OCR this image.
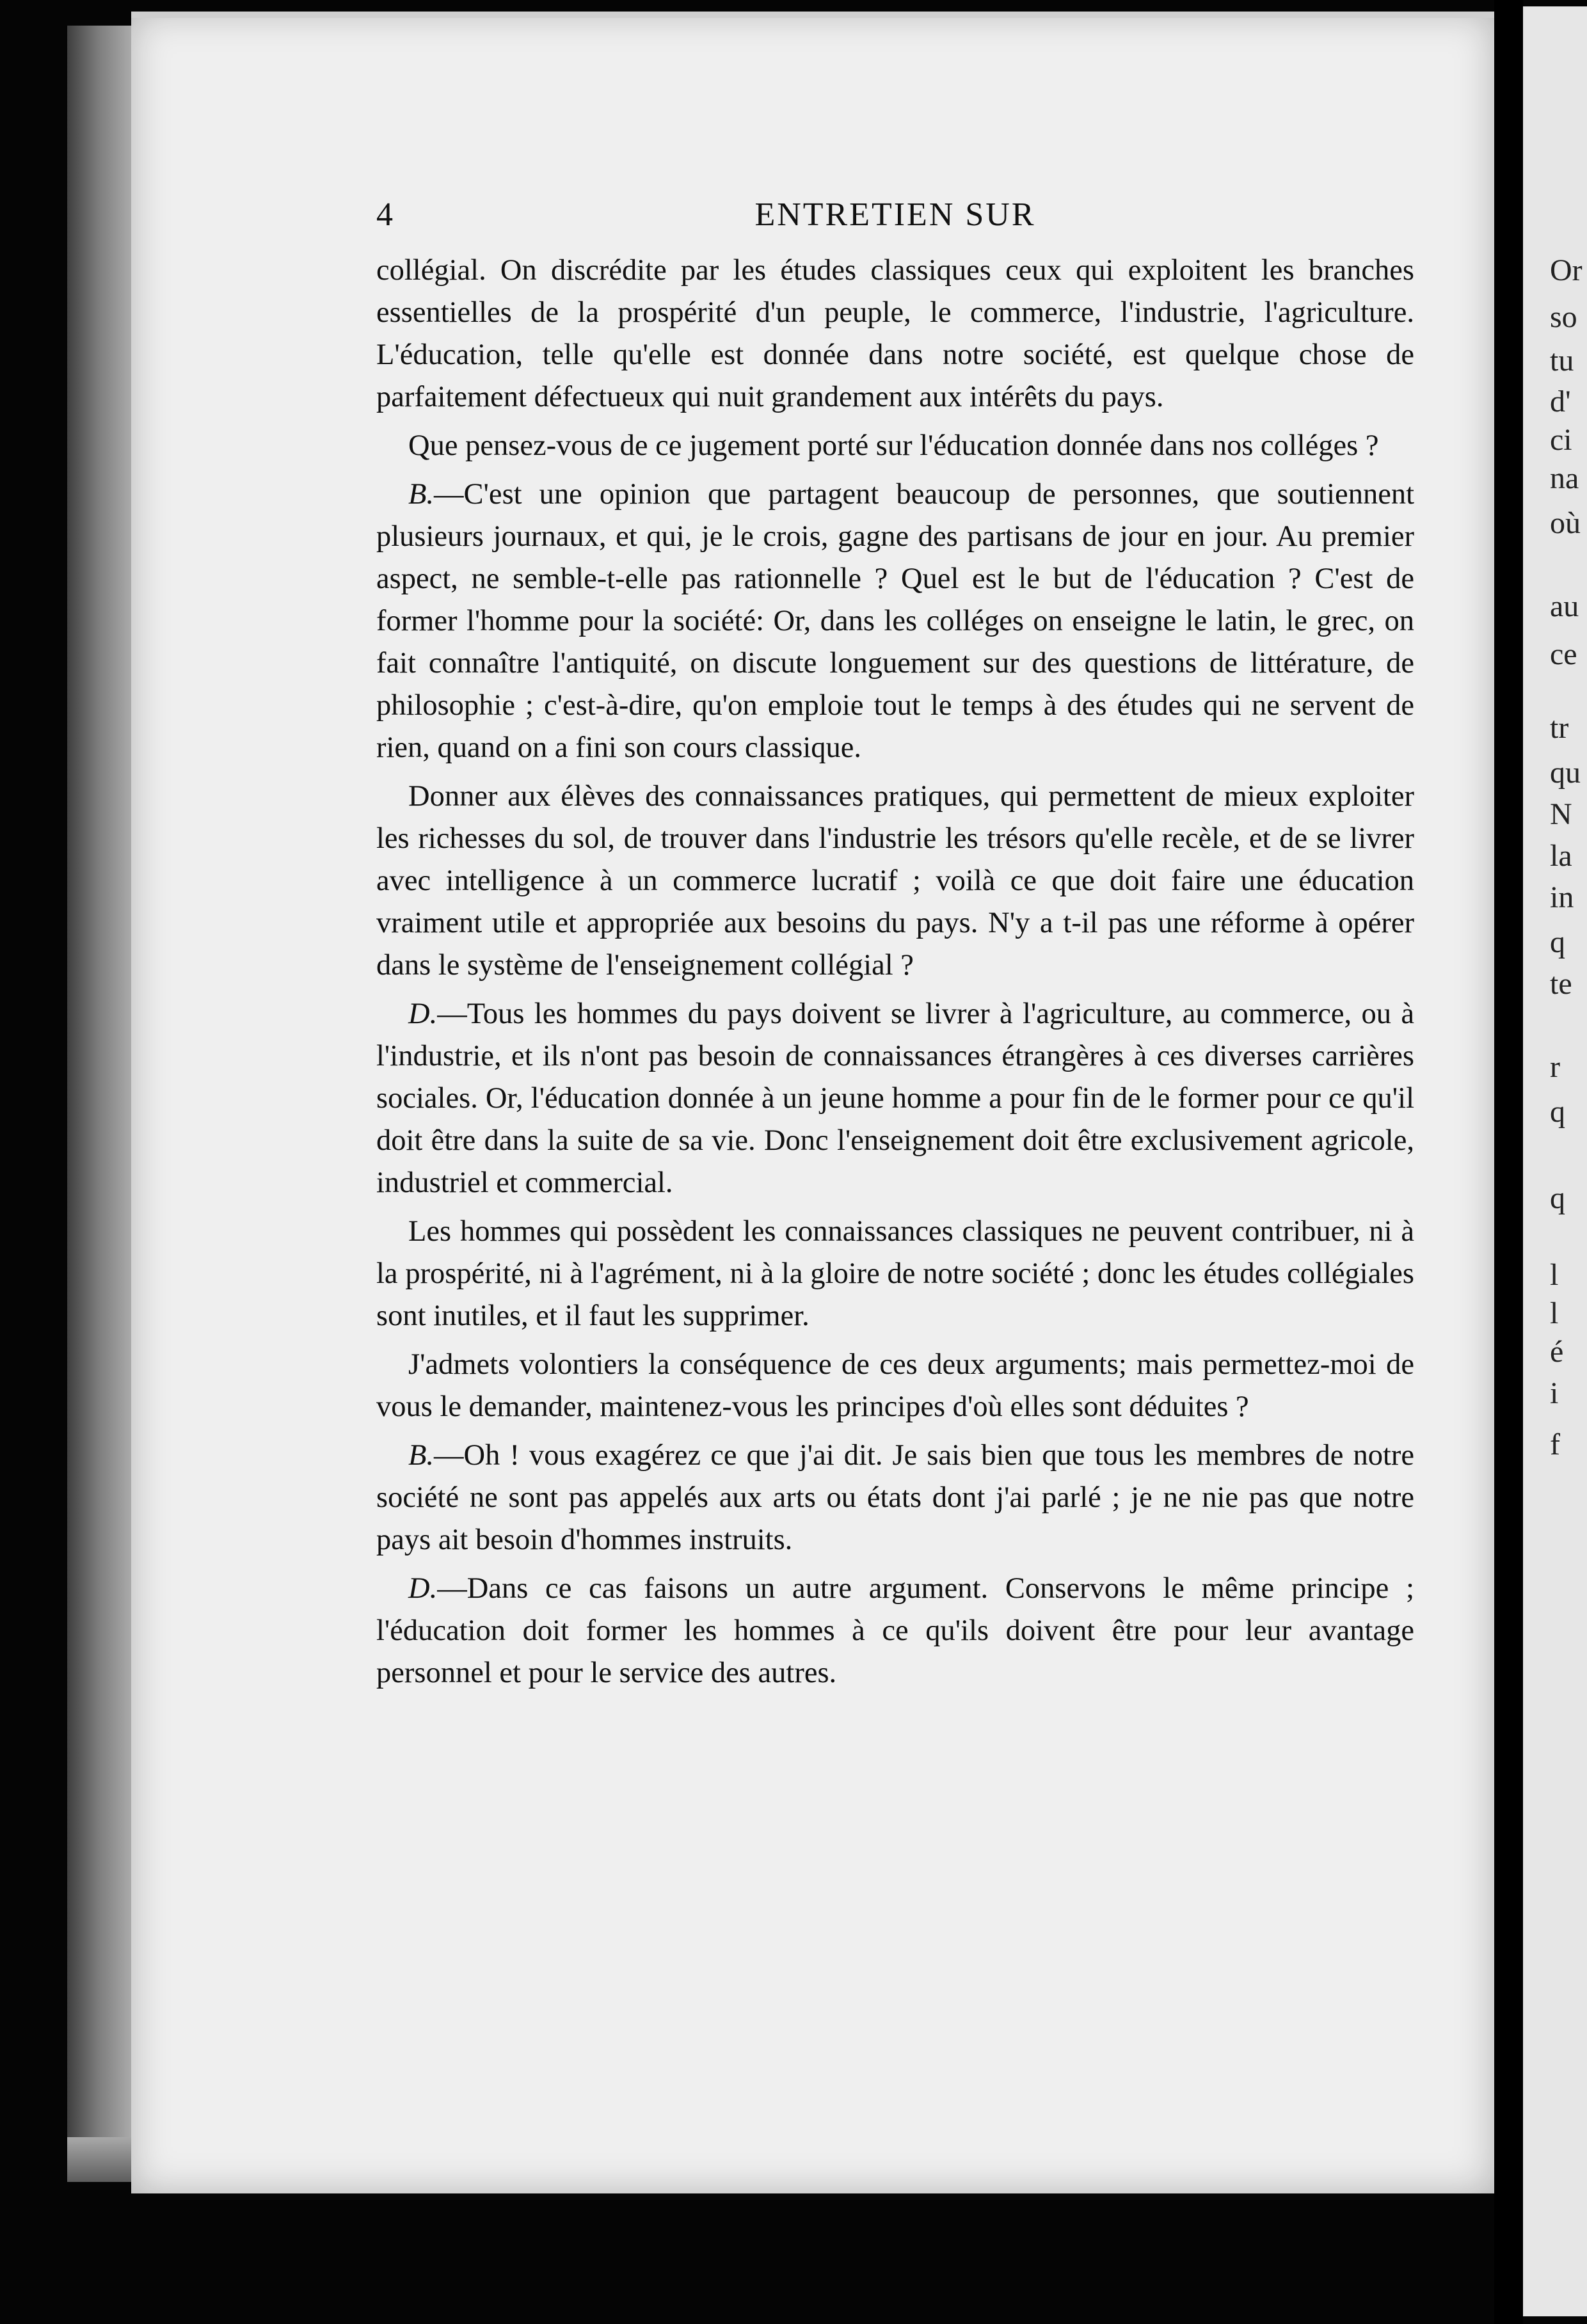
Or
so
tu
d'
ci
na
où
au
ce
tr
qu
N
la
in
q
te
r
q
q
l
l
é
i
f
4	ENTRETIEN SUR

collégial. On discrédite par les études classiques ceux qui exploitent les branches essentielles de la prospérité d'un peuple, le commerce, l'industrie, l'agriculture. L'éducation, telle qu'elle est donnée dans notre société, est quelque chose de parfaitement défectueux qui nuit grandement aux intérêts du pays.

Que pensez-vous de ce jugement porté sur l'éducation donnée dans nos colléges ?

B.—C'est une opinion que partagent beaucoup de personnes, que soutiennent plusieurs journaux, et qui, je le crois, gagne des partisans de jour en jour. Au premier aspect, ne semble-t-elle pas rationnelle ? Quel est le but de l'éducation ? C'est de former l'homme pour la société: Or, dans les colléges on enseigne le latin, le grec, on fait connaître l'antiquité, on discute longuement sur des questions de littérature, de philosophie ; c'est-à-dire, qu'on emploie tout le temps à des études qui ne servent de rien, quand on a fini son cours classique.

Donner aux élèves des connaissances pratiques, qui permettent de mieux exploiter les richesses du sol, de trouver dans l'industrie les trésors qu'elle recèle, et de se livrer avec intelligence à un commerce lucratif ; voilà ce que doit faire une éducation vraiment utile et appropriée aux besoins du pays. N'y a t-il pas une réforme à opérer dans le système de l'enseignement collégial ?

D.—Tous les hommes du pays doivent se livrer à l'agriculture, au commerce, ou à l'industrie, et ils n'ont pas besoin de connaissances étrangères à ces diverses carrières sociales. Or, l'éducation donnée à un jeune homme a pour fin de le former pour ce qu'il doit être dans la suite de sa vie. Donc l'enseignement doit être exclusivement agricole, industriel et commercial.

Les hommes qui possèdent les connaissances classiques ne peuvent contribuer, ni à la prospérité, ni à l'agrément, ni à la gloire de notre société ; donc les études collégiales sont inutiles, et il faut les supprimer.

J'admets volontiers la conséquence de ces deux arguments; mais permettez-moi de vous le demander, maintenez-vous les principes d'où elles sont déduites ?

B.—Oh ! vous exagérez ce que j'ai dit. Je sais bien que tous les membres de notre société ne sont pas appelés aux arts ou états dont j'ai parlé ; je ne nie pas que notre pays ait besoin d'hommes instruits.

D.—Dans ce cas faisons un autre argument. Conservons le même principe ; l'éducation doit former les hommes à ce qu'ils doivent être pour leur avantage personnel et pour le service des autres.
